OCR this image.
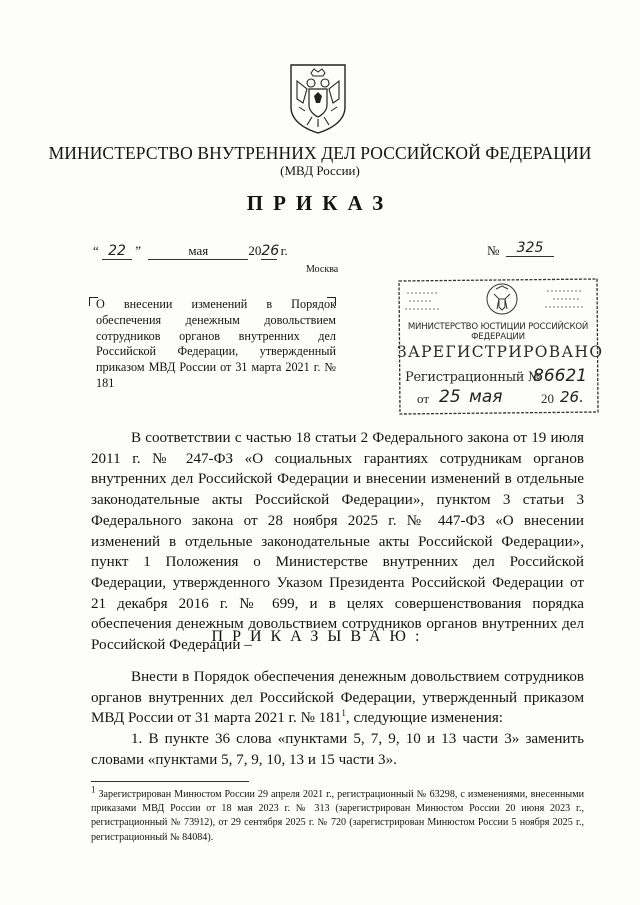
МИНИСТЕРСТВО ВНУТРЕННИХ ДЕЛ РОССИЙСКОЙ ФЕДЕРАЦИИ
(МВД России)
ПРИКАЗ
“ 22 ”	мая	2026 г.	№	325
Москва
О внесении изменений в Порядок обеспечения денежным довольствием сотрудников органов внутренних дел Российской Федерации, утвержденный приказом МВД России от 31 марта 2021 г. № 181
МИНИСТЕРСТВО ЮСТИЦИИ РОССИЙСКОЙ ФЕДЕРАЦИИ
ЗАРЕГИСТРИРОВАНО
Регистрационный №
86621
от 25 мая	20 26.
В соответствии с частью 18 статьи 2 Федерального закона от 19 июля 2011 г. № 247-ФЗ «О социальных гарантиях сотрудникам органов внутренних дел Российской Федерации и внесении изменений в отдельные законодательные акты Российской Федерации», пунктом 3 статьи 3 Федерального закона от 28 ноября 2025 г. № 447-ФЗ «О внесении изменений в отдельные законодательные акты Российской Федерации», пункт 1 Положения о Министерстве внутренних дел Российской Федерации, утвержденного Указом Президента Российской Федерации от 21 декабря 2016 г. № 699, и в целях совершенствования порядка обеспечения денежным довольствием сотрудников органов внутренних дел Российской Федерации –
ПРИКАЗЫВАЮ:
Внести в Порядок обеспечения денежным довольствием сотрудников органов внутренних дел Российской Федерации, утвержденный приказом МВД России от 31 марта 2021 г. № $181^1$, следующие изменения:
1. В пункте 36 слова «пунктами 5, 7, 9, 10 и 13 части 3» заменить словами «пунктами 5, 7, 9, 10, 13 и 15 части 3».
$^1$ Зарегистрирован Минюстом России 29 апреля 2021 г., регистрационный № 63298, с изменениями, внесенными приказами МВД России от 18 мая 2023 г. № 313 (зарегистрирован Минюстом России 20 июня 2023 г., регистрационный № 73912), от 29 сентября 2025 г. № 720 (зарегистрирован Минюстом России 5 ноября 2025 г., регистрационный № 84084).
